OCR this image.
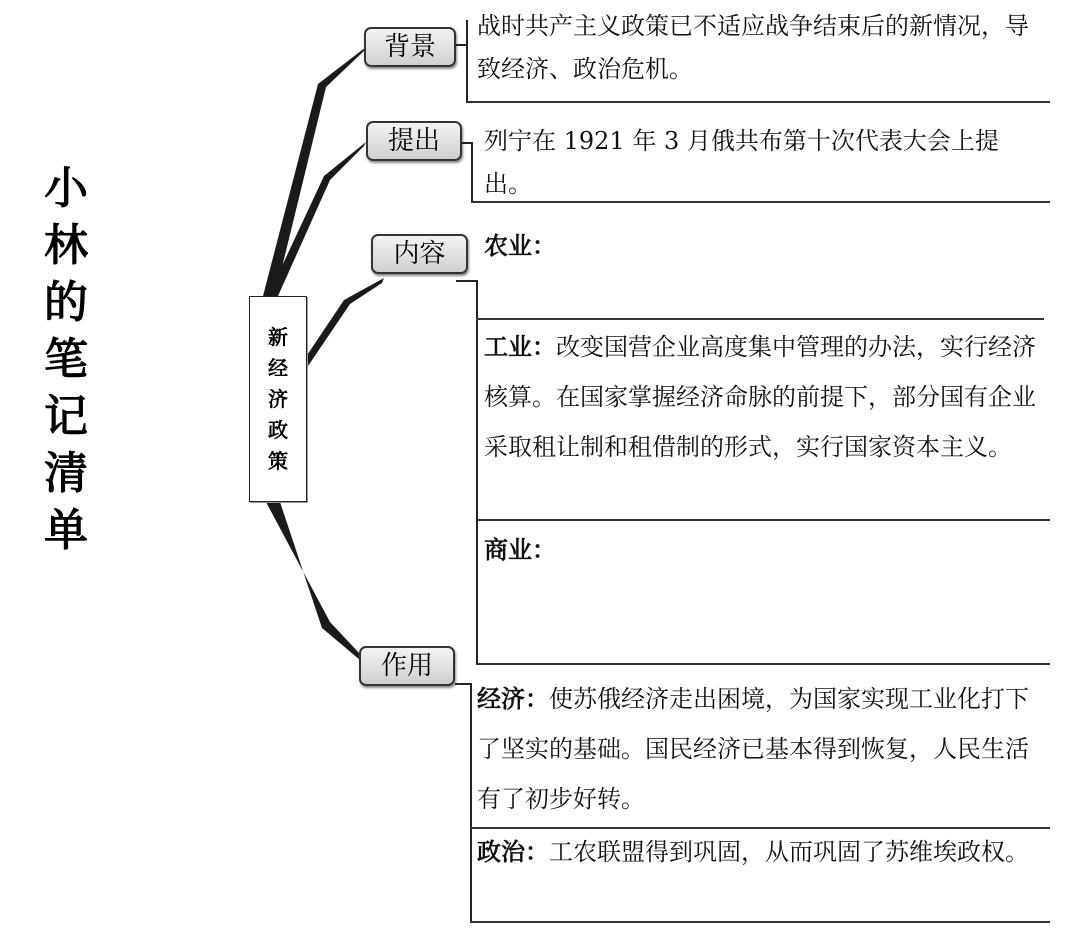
小
林
的
笔
记
清
单
新
经
济
政
策
背景
提出
内容
作用
战时共产主义政策已不适应战争结束后的新情况，导致经济、政治危机。
列宁在 1921 年 3 月俄共布第十次代表大会上提出。
农业：
工业：改变国营企业高度集中管理的办法，实行经济核算。在国家掌握经济命脉的前提下，部分国有企业采取租让制和租借制的形式，实行国家资本主义。
商业：
经济：使苏俄经济走出困境，为国家实现工业化打下了坚实的基础。国民经济已基本得到恢复，人民生活有了初步好转。
政治：工农联盟得到巩固，从而巩固了苏维埃政权。
